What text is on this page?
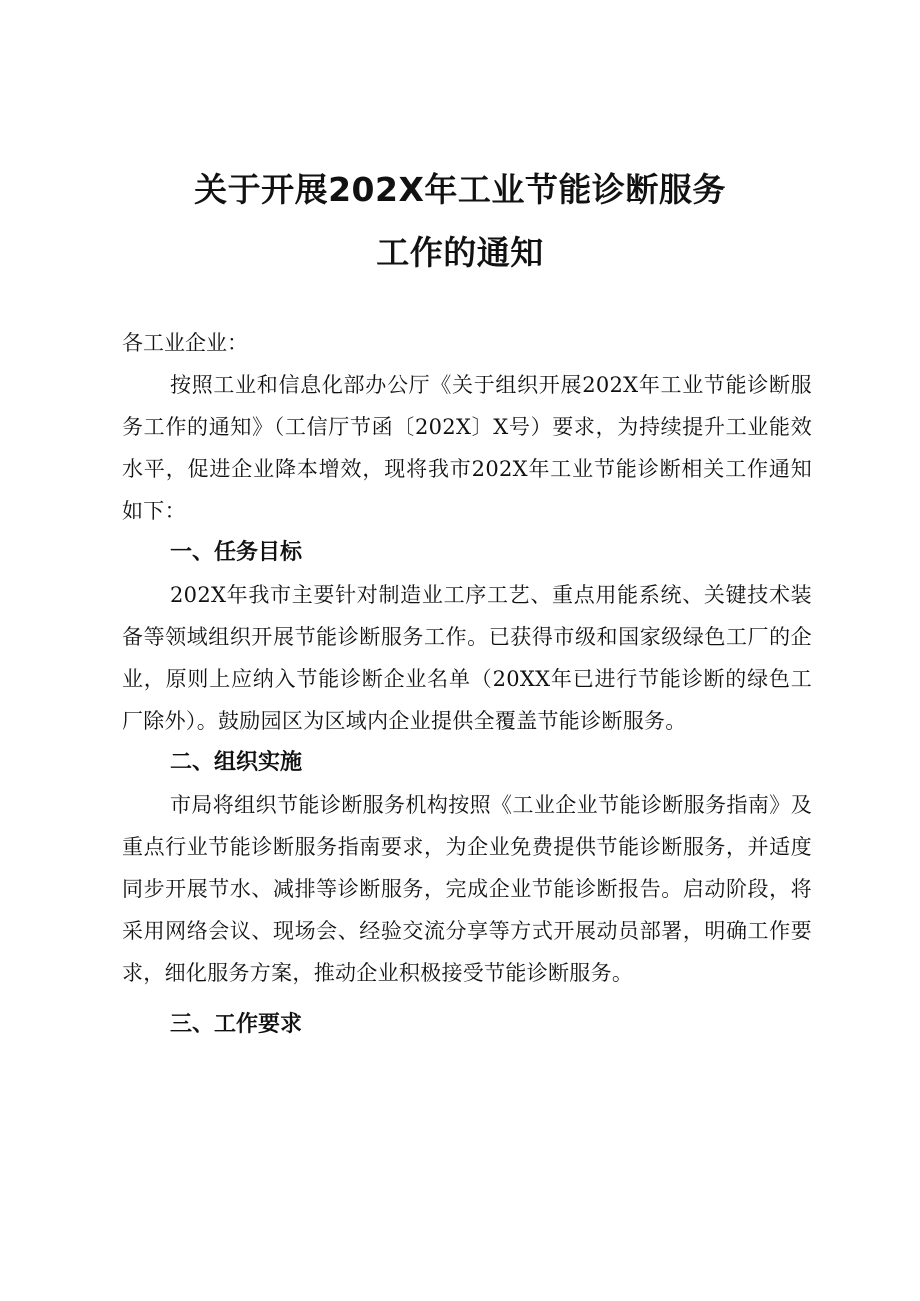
关于开展202X年工业节能诊断服务
工作的通知

各工业企业：

按照工业和信息化部办公厅《关于组织开展202X年工业节能诊断服务工作的通知》（工信厅节函〔202X〕X号）要求，为持续提升工业能效水平，促进企业降本增效，现将我市202X年工业节能诊断相关工作通知如下：

一、任务目标

202X年我市主要针对制造业工序工艺、重点用能系统、关键技术装备等领域组织开展节能诊断服务工作。已获得市级和国家级绿色工厂的企业，原则上应纳入节能诊断企业名单（20XX年已进行节能诊断的绿色工厂除外）。鼓励园区为区域内企业提供全覆盖节能诊断服务。

二、组织实施

市局将组织节能诊断服务机构按照《工业企业节能诊断服务指南》及重点行业节能诊断服务指南要求，为企业免费提供节能诊断服务，并适度同步开展节水、减排等诊断服务，完成企业节能诊断报告。启动阶段，将采用网络会议、现场会、经验交流分享等方式开展动员部署，明确工作要求，细化服务方案，推动企业积极接受节能诊断服务。

三、工作要求
